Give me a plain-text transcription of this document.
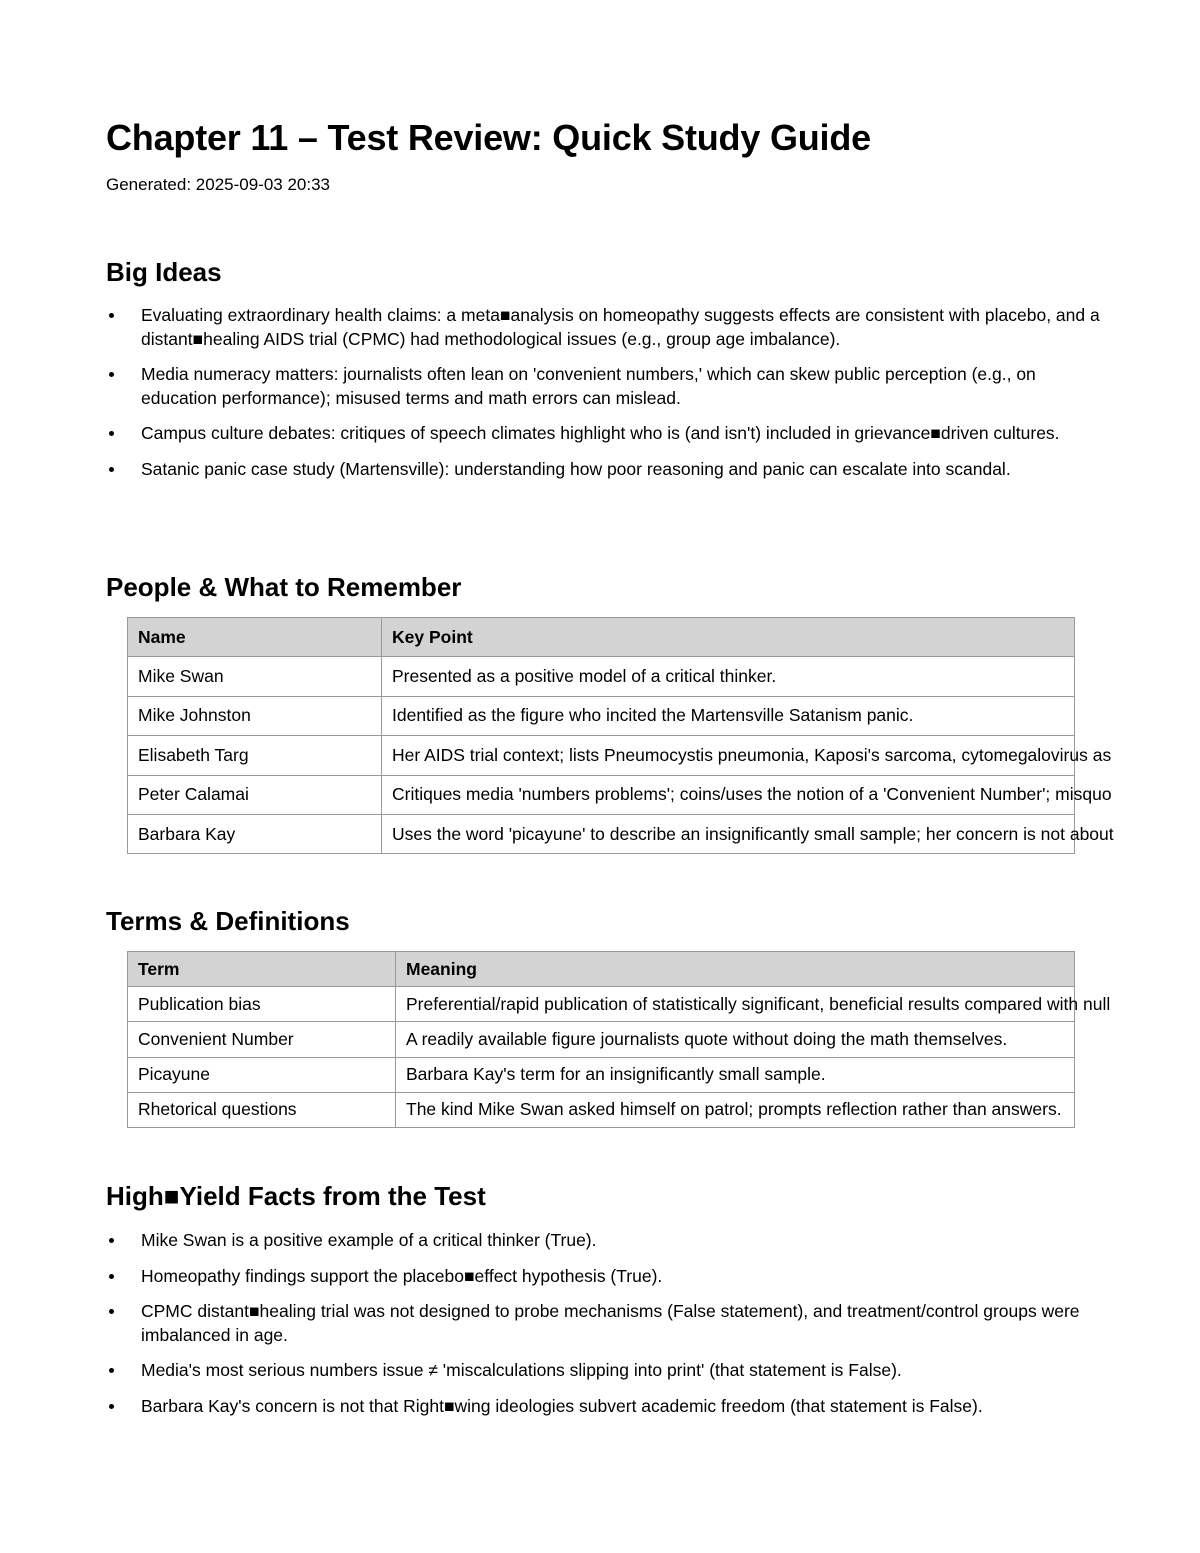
Chapter 11 – Test Review: Quick Study Guide

Generated: 2025-09-03 20:33

Big Ideas
Evaluating extraordinary health claims: a meta■analysis on homeopathy suggests effects are consistent with placebo, and a distant■healing AIDS trial (CPMC) had methodological issues (e.g., group age imbalance).
Media numeracy matters: journalists often lean on 'convenient numbers,' which can skew public perception (e.g., on education performance); misused terms and math errors can mislead.
Campus culture debates: critiques of speech climates highlight who is (and isn't) included in grievance■driven cultures.
Satanic panic case study (Martensville): understanding how poor reasoning and panic can escalate into scandal.
People & What to Remember
Name	Key Point
Mike Swan	Presented as a positive model of a critical thinker.
Mike Johnston	Identified as the figure who incited the Martensville Satanism panic.
Elisabeth Targ	Her AIDS trial context; lists Pneumocystis pneumonia, Kaposi's sarcoma, cytomegalovirus as
Peter Calamai	Critiques media 'numbers problems'; coins/uses the notion of a 'Convenient Number'; misquo
Barbara Kay	Uses the word 'picayune' to describe an insignificantly small sample; her concern is not about
Terms & Definitions
Term	Meaning
Publication bias	Preferential/rapid publication of statistically significant, beneficial results compared with null
Convenient Number	A readily available figure journalists quote without doing the math themselves.
Picayune	Barbara Kay's term for an insignificantly small sample.
Rhetorical questions	The kind Mike Swan asked himself on patrol; prompts reflection rather than answers.
High■Yield Facts from the Test
Mike Swan is a positive example of a critical thinker (True).
Homeopathy findings support the placebo■effect hypothesis (True).
CPMC distant■healing trial was not designed to probe mechanisms (False statement), and treatment/control groups were imbalanced in age.
Media's most serious numbers issue ≠ 'miscalculations slipping into print' (that statement is False).
Barbara Kay's concern is not that Right■wing ideologies subvert academic freedom (that statement is False).
